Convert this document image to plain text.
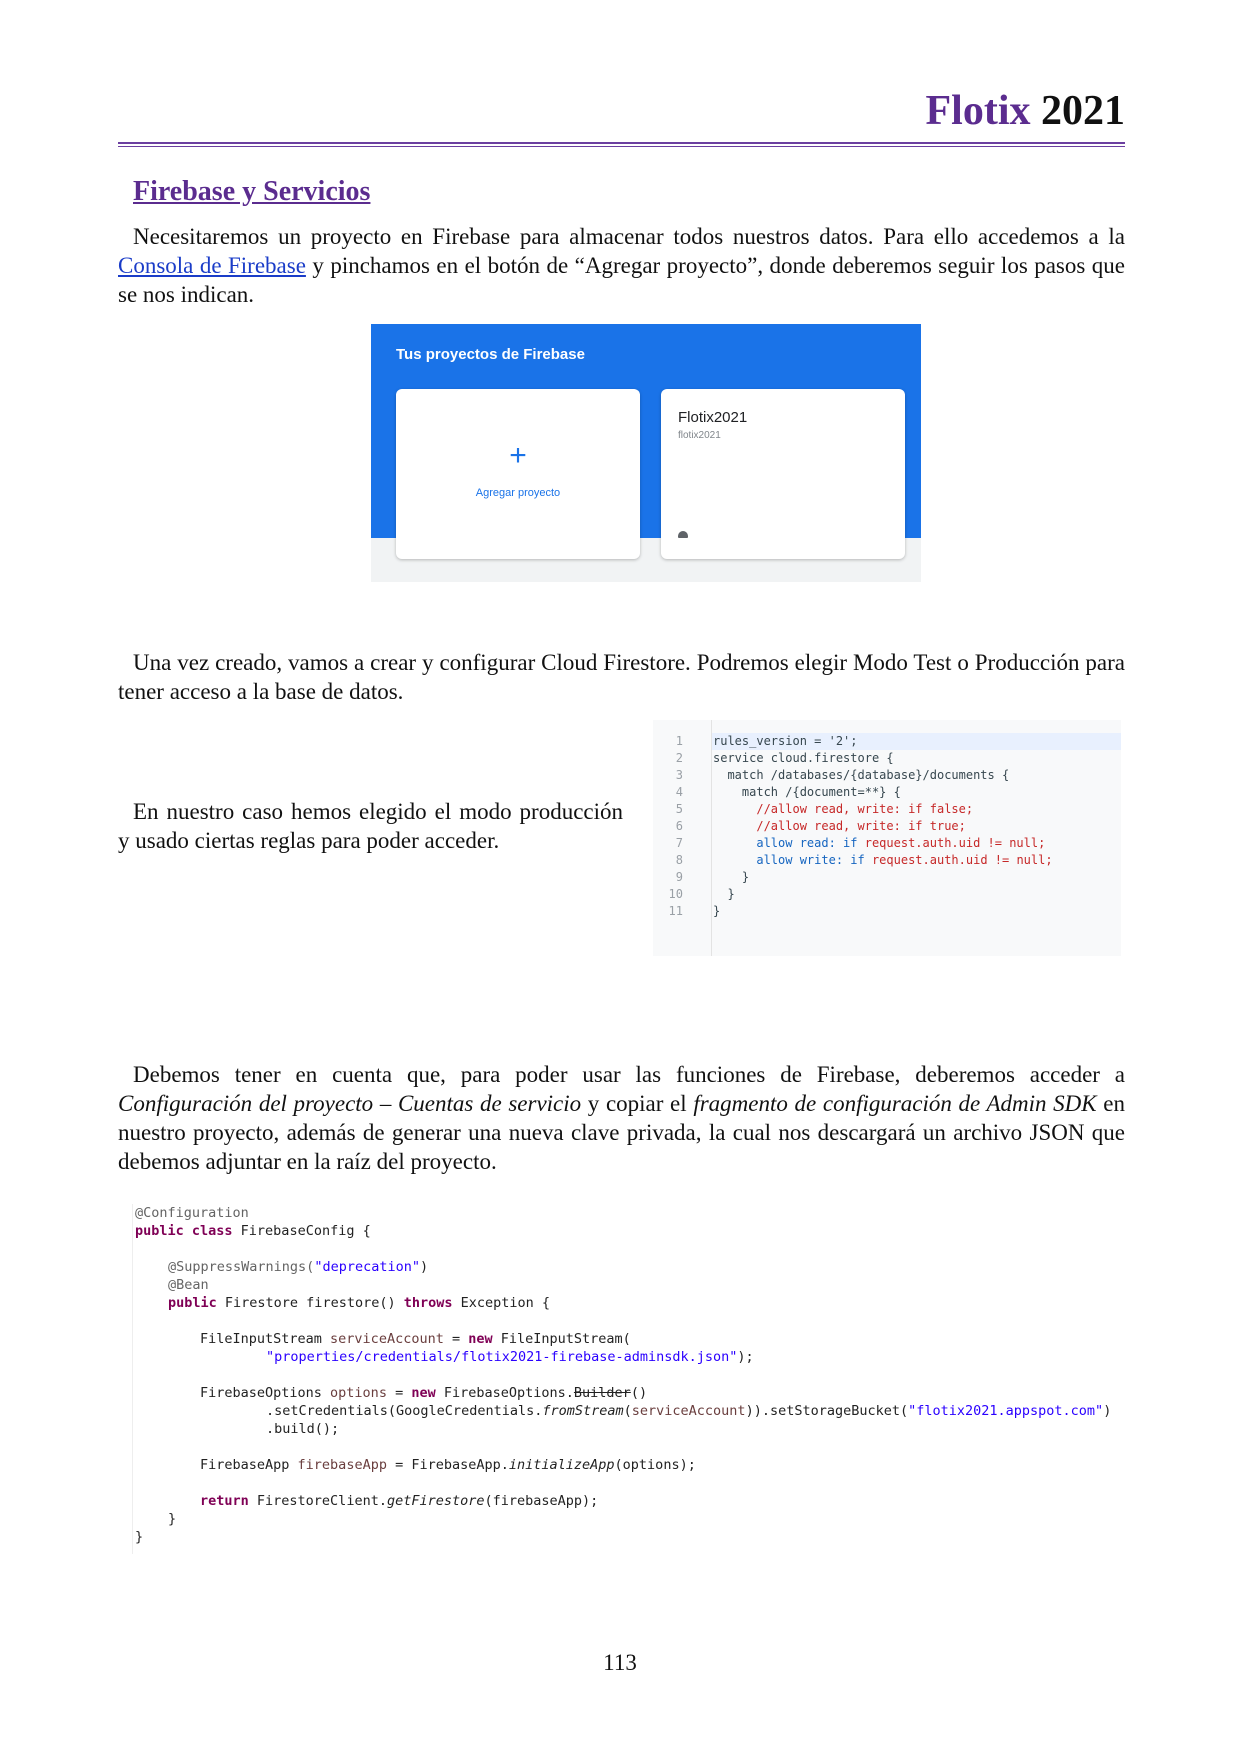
Flotix 2021
Firebase y Servicios

Necesitaremos un proyecto en Firebase para almacenar todos nuestros datos. Para ello accedemos a la Consola de Firebase y pinchamos en el botón de “Agregar proyecto”, donde deberemos seguir los pasos que se nos indican.

Tus proyectos de Firebase
+
Agregar proyecto
Flotix2021
flotix2021

Una vez creado, vamos a crear y configurar Cloud Firestore. Podremos elegir Modo Test o Producción para tener acceso a la base de datos.

En nuestro caso hemos elegido el modo producción y usado ciertas reglas para poder acceder.

1
2
3
4
5
6
7
8
9
10
11
rules_version = '2';
service cloud.firestore {
match /databases/{database}/documents {
match /{document=**} {
//allow read, write: if false;
//allow read, write: if true;
allow read: if request.auth.uid != null;
allow write: if request.auth.uid != null;
}
}
}

Debemos tener en cuenta que, para poder usar las funciones de Firebase, deberemos acceder a Configuración del proyecto – Cuentas de servicio y copiar el fragmento de configuración de Admin SDK en nuestro proyecto, además de generar una nueva clave privada, la cual nos descargará un archivo JSON que debemos adjuntar en la raíz del proyecto.

@Configuration
public class FirebaseConfig {
@SuppressWarnings("deprecation")
@Bean
public Firestore firestore() throws Exception {
FileInputStream serviceAccount = new FileInputStream(
"properties/credentials/flotix2021-firebase-adminsdk.json");
FirebaseOptions options = new FirebaseOptions.Builder()
.setCredentials(GoogleCredentials.fromStream(serviceAccount)).setStorageBucket("flotix2021.appspot.com")
.build();
FirebaseApp firebaseApp = FirebaseApp.initializeApp(options);
return FirestoreClient.getFirestore(firebaseApp);
}
}
113
